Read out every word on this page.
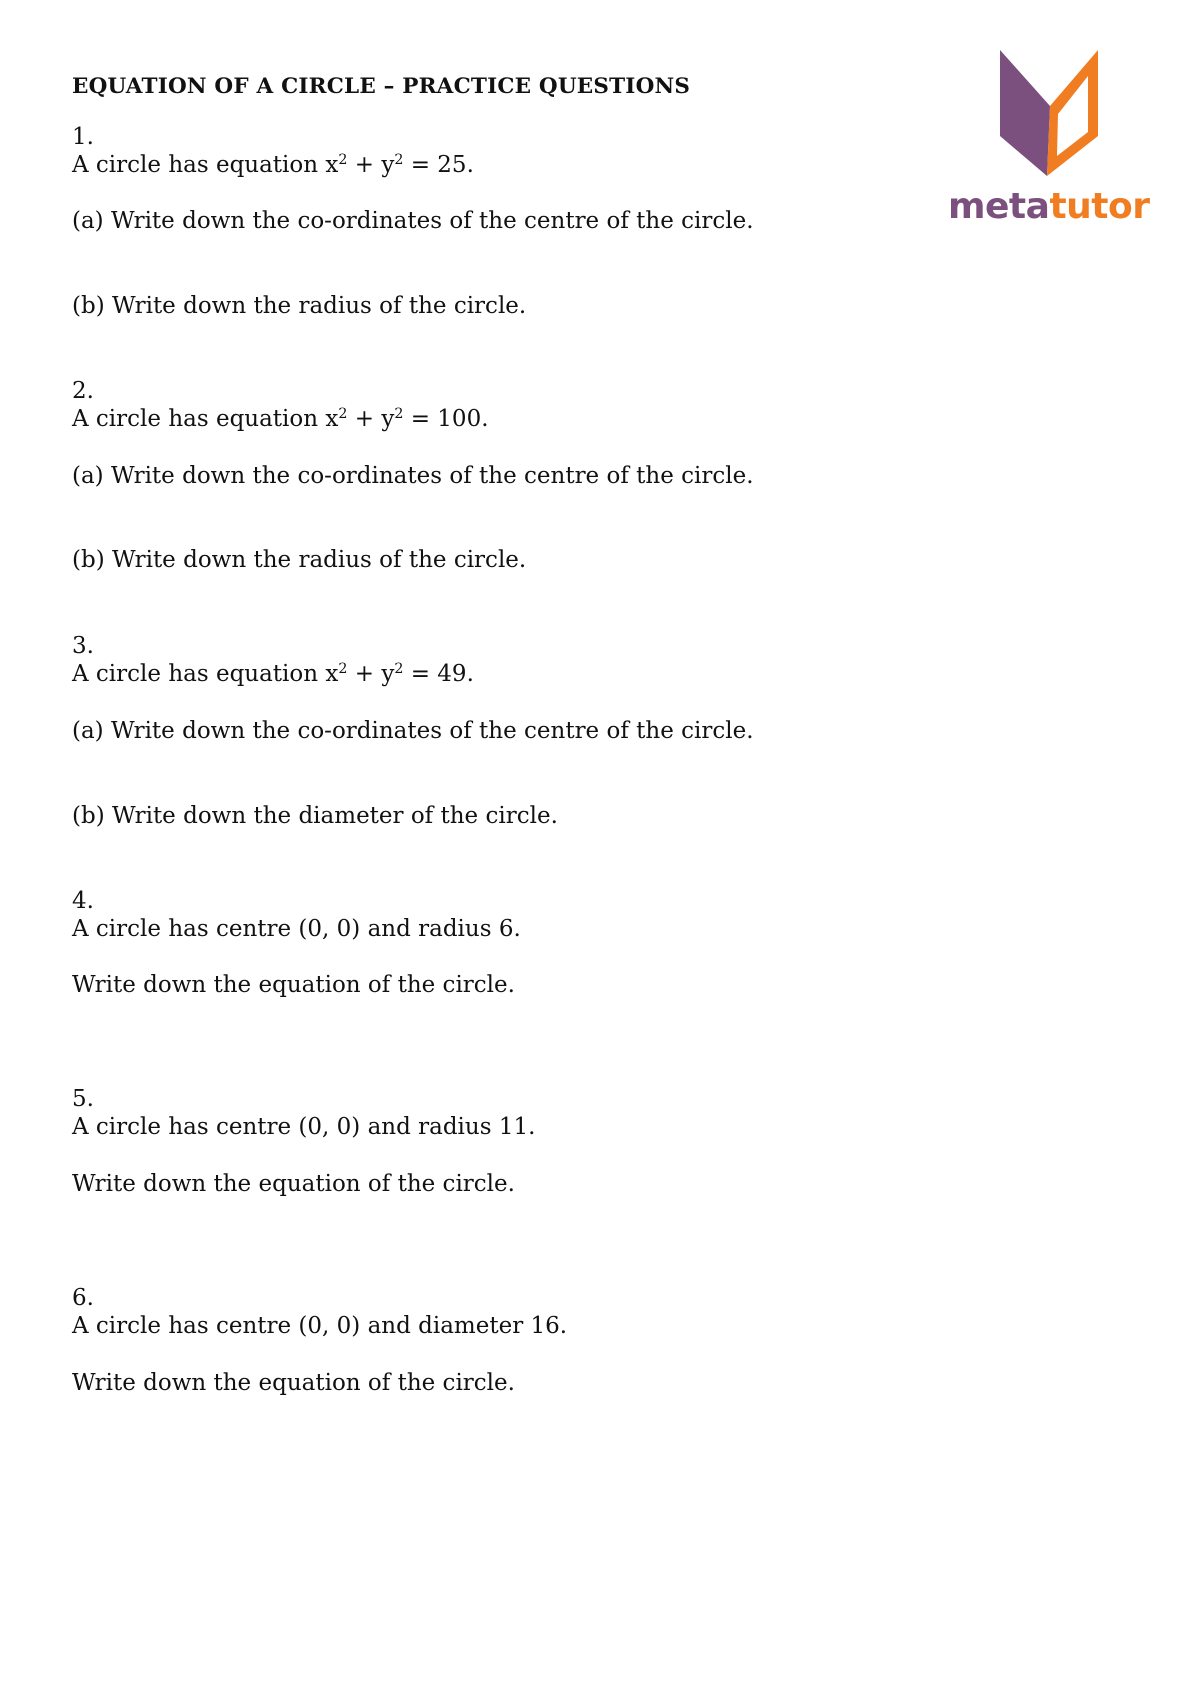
EQUATION OF A CIRCLE – PRACTICE QUESTIONS
metatutor

1.

A circle has equation $x^2 + y^2 = 25$.

(a) Write down the co-ordinates of the centre of the circle.

(b) Write down the radius of the circle.

2.

A circle has equation $x^2 + y^2 = 100$.

(a) Write down the co-ordinates of the centre of the circle.

(b) Write down the radius of the circle.

3.

A circle has equation $x^2 + y^2 = 49$.

(a) Write down the co-ordinates of the centre of the circle.

(b) Write down the diameter of the circle.

4.

A circle has centre (0, 0) and radius 6.

Write down the equation of the circle.

5.

A circle has centre (0, 0) and radius 11.

Write down the equation of the circle.

6.

A circle has centre (0, 0) and diameter 16.

Write down the equation of the circle.
